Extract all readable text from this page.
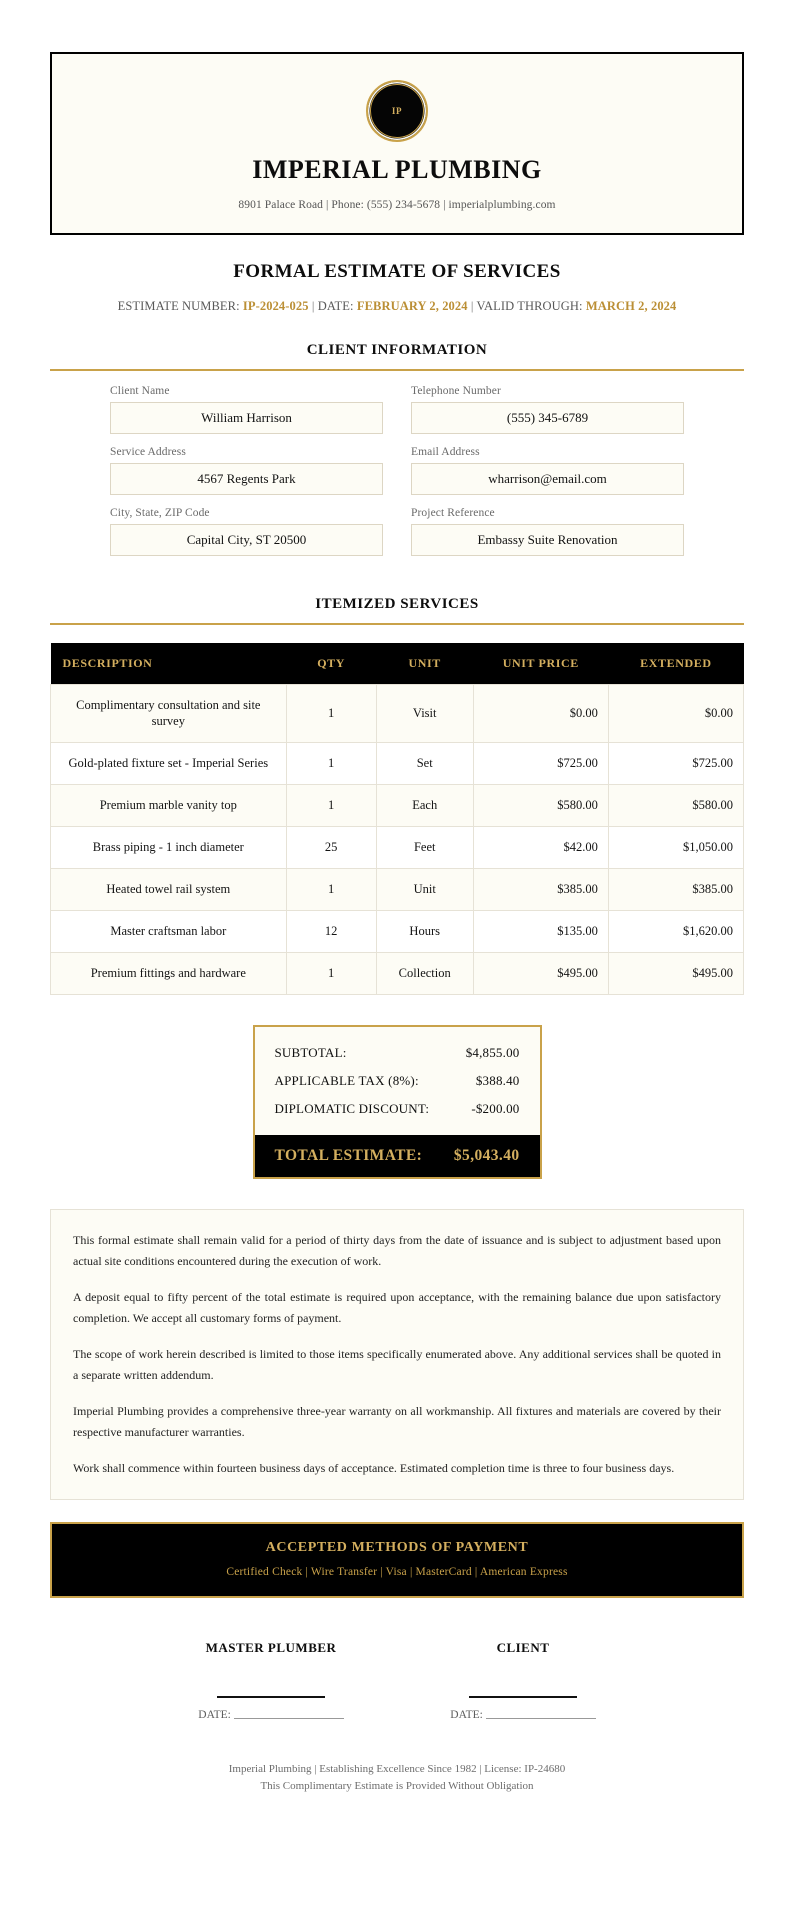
IP
IMPERIAL PLUMBING
8901 Palace Road | Phone: (555) 234-5678 | imperialplumbing.com
FORMAL ESTIMATE OF SERVICES
ESTIMATE NUMBER: IP-2024-025 | DATE: FEBRUARY 2, 2024 | VALID THROUGH: MARCH 2, 2024
CLIENT INFORMATION
Client Name
William Harrison
Telephone Number
(555) 345-6789
Service Address
4567 Regents Park
Email Address
wharrison@email.com
City, State, ZIP Code
Capital City, ST 20500
Project Reference
Embassy Suite Renovation
ITEMIZED SERVICES
DESCRIPTION	QTY	UNIT	UNIT PRICE	EXTENDED
Complimentary consultation and site survey	1	Visit	$0.00	$0.00
Gold-plated fixture set - Imperial Series	1	Set	$725.00	$725.00
Premium marble vanity top	1	Each	$580.00	$580.00
Brass piping - 1 inch diameter	25	Feet	$42.00	$1,050.00
Heated towel rail system	1	Unit	$385.00	$385.00
Master craftsman labor	12	Hours	$135.00	$1,620.00
Premium fittings and hardware	1	Collection	$495.00	$495.00
SUBTOTAL:	$4,855.00
APPLICABLE TAX (8%):	$388.40
DIPLOMATIC DISCOUNT:	-$200.00
TOTAL ESTIMATE: $5,043.40

This formal estimate shall remain valid for a period of thirty days from the date of issuance and is subject to adjustment based upon actual site conditions encountered during the execution of work.

A deposit equal to fifty percent of the total estimate is required upon acceptance, with the remaining balance due upon satisfactory completion. We accept all customary forms of payment.

The scope of work herein described is limited to those items specifically enumerated above. Any additional services shall be quoted in a separate written addendum.

Imperial Plumbing provides a comprehensive three-year warranty on all workmanship. All fixtures and materials are covered by their respective manufacturer warranties.

Work shall commence within fourteen business days of acceptance. Estimated completion time is three to four business days.

ACCEPTED METHODS OF PAYMENT
Certified Check | Wire Transfer | Visa | MasterCard | American Express
MASTER PLUMBER
DATE:
CLIENT
DATE:
Imperial Plumbing | Establishing Excellence Since 1982 | License: IP-24680
This Complimentary Estimate is Provided Without Obligation
